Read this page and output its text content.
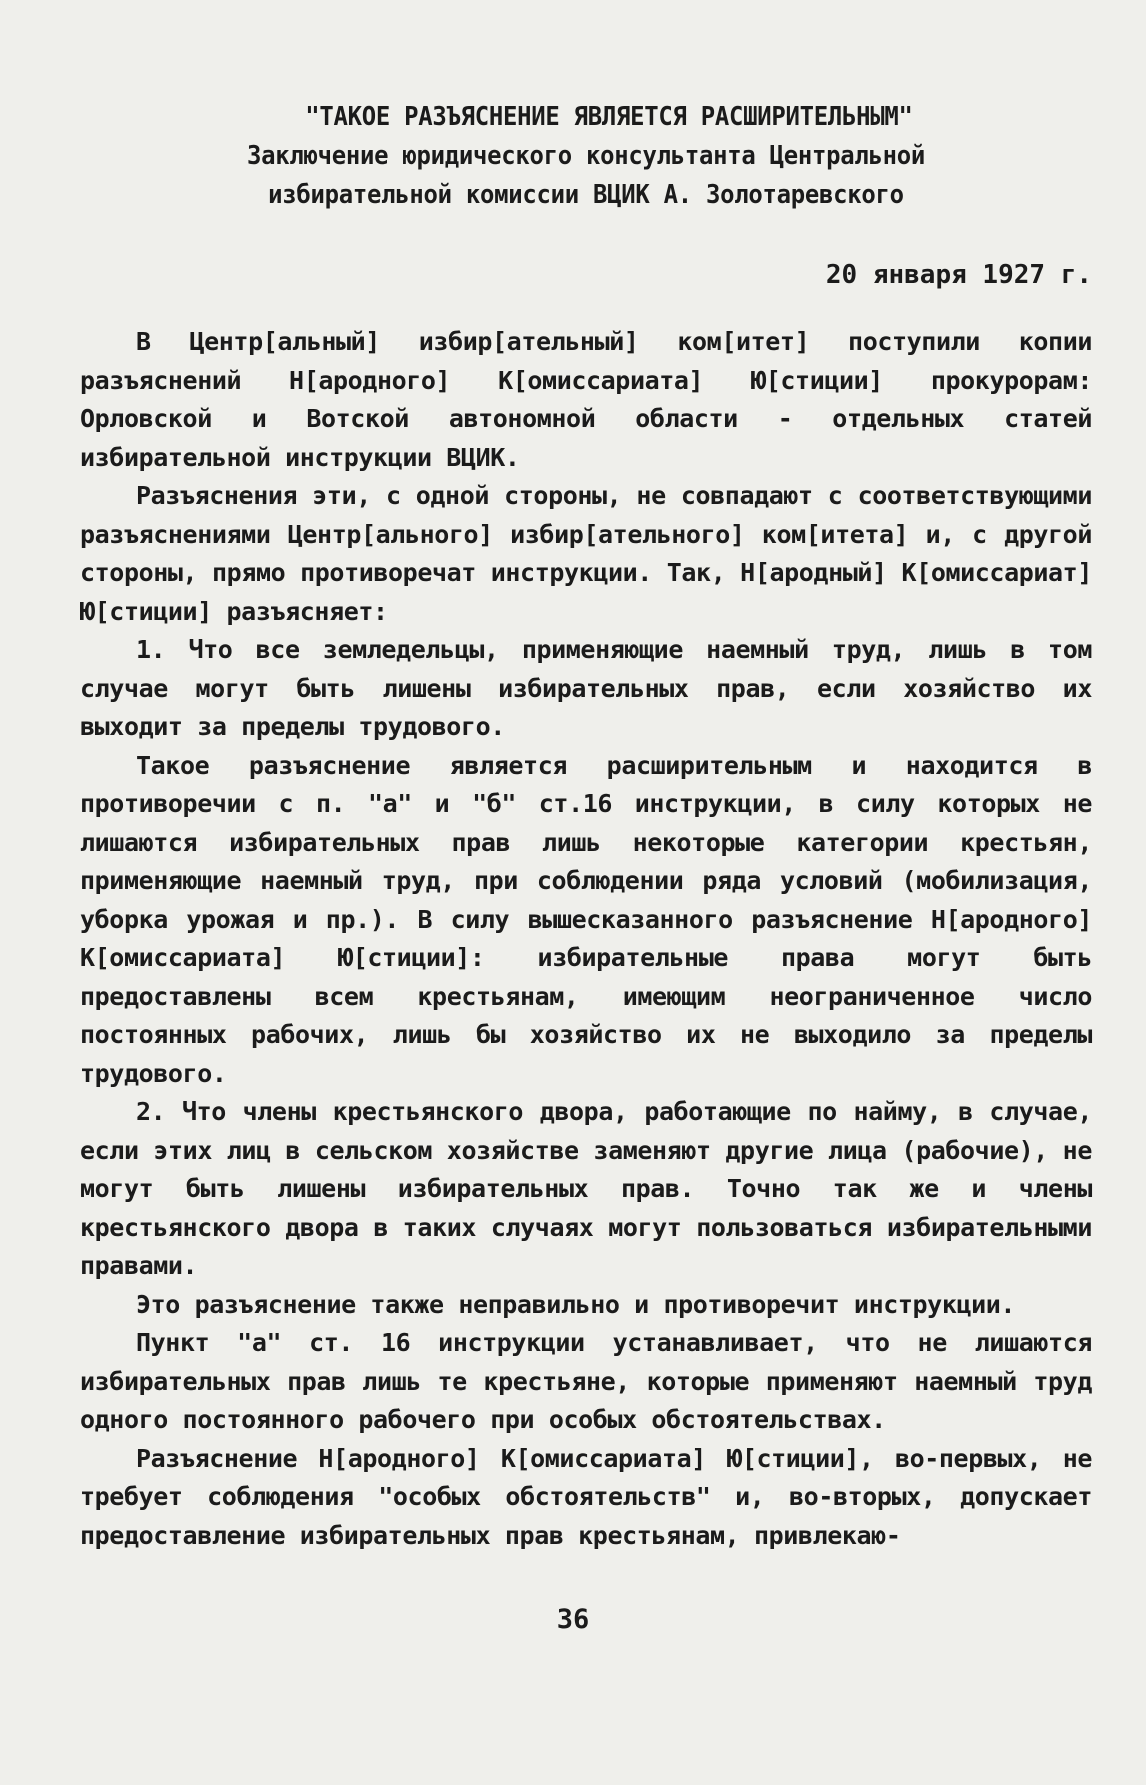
"ТАКОЕ РАЗЪЯСНЕНИЕ ЯВЛЯЕТСЯ РАСШИРИТЕЛЬНЫМ"
Заключение юридического консультанта Центральной
избирательной комиссии ВЦИК А. Золотаревского
20 января 1927 г.

В Центр[альный] избир[ательный] ком[итет] поступили копии разъяснений Н[ародного] К[омиссариата] Ю[стиции] прокурорам: Орловской и Вотской автономной области - отдельных статей избирательной инструкции ВЦИК.

Разъяснения эти, с одной стороны, не совпадают с соответствующими разъяснениями Центр[ального] избир[ательного] ком[итета] и, с другой стороны, прямо противоречат инструкции. Так, Н[ародный] К[омиссариат] Ю[стиции] разъясняет:

1. Что все земледельцы, применяющие наемный труд, лишь в том случае могут быть лишены избирательных прав, если хозяйство их выходит за пределы трудового.

Такое разъяснение является расширительным и находится в противоречии с п. "а" и "б" ст.16 инструкции, в силу которых не лишаются избирательных прав лишь некоторые категории крестьян, применяющие наемный труд, при соблюдении ряда условий (мобилизация, уборка урожая и пр.). В силу вышесказанного разъяснение Н[ародного] К[омиссариата] Ю[стиции]: избирательные права могут быть предоставлены всем крестьянам, имеющим неограниченное число постоянных рабочих, лишь бы хозяйство их не выходило за пределы трудового.

2. Что члены крестьянского двора, работающие по найму, в случае, если этих лиц в сельском хозяйстве заменяют другие лица (рабочие), не могут быть лишены избирательных прав. Точно так же и члены крестьянского двора в таких случаях могут пользоваться избирательными правами.

Это разъяснение также неправильно и противоречит инструкции.

Пункт "а" ст. 16 инструкции устанавливает, что не лишаются избирательных прав лишь те крестьяне, которые применяют наемный труд одного постоянного рабочего при особых обстоятельствах.

Разъяснение Н[ародного] К[омиссариата] Ю[стиции], во-первых, не требует соблюдения "особых обстоятельств" и, во-вторых, допускает предоставление избирательных прав крестьянам, привлекаю-

36
